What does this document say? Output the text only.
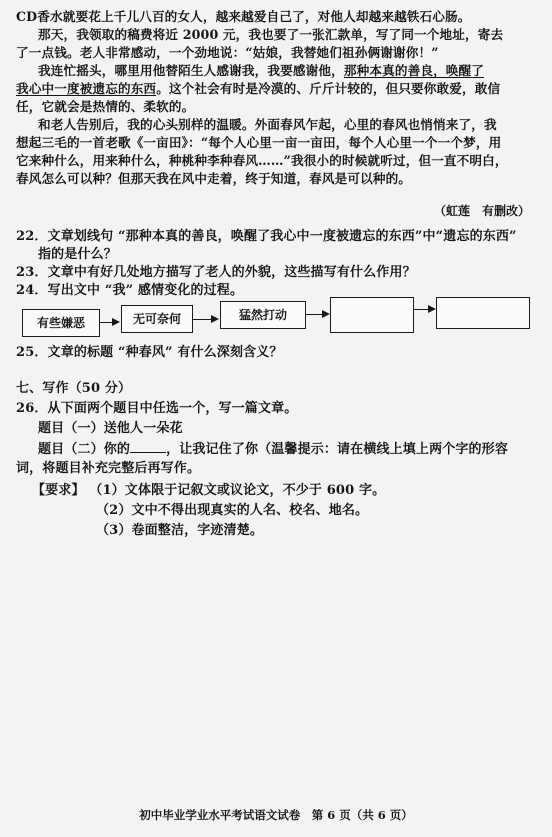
CD香水就要花上千儿八百的女人，越来越爱自己了，对他人却越来越铁石心肠。
那天，我领取的稿费将近 2000 元，我也要了一张汇款单，写了同一个地址，寄去
了一点钱。老人非常感动，一个劲地说：“姑娘，我替她们祖孙俩谢谢你！”
我连忙摇头，哪里用他替陌生人感谢我，我要感谢他，那种本真的善良，唤醒了
我心中一度被遗忘的东西。这个社会有时是冷漠的、斤斤计较的，但只要你敢爱，敢信
任，它就会是热情的、柔软的。
和老人告别后，我的心头别样的温暖。外面春风乍起，心里的春风也悄悄来了，我
想起三毛的一首老歌《一亩田》：“每个人心里一亩一亩田，每个人心里一个一个梦，用
它来种什么，用来种什么，种桃种李种春风……”我很小的时候就听过，但一直不明白，
春风怎么可以种？但那天我在风中走着，终于知道，春风是可以种的。
（虹莲　有删改）
22．文章划线句 “那种本真的善良，唤醒了我心中一度被遗忘的东西”中“遗忘的东西”
指的是什么？
23．文章中有好几处地方描写了老人的外貌，这些描写有什么作用？
24．写出文中 “我” 感情变化的过程。
有些嫌恶	无可奈何	猛然打动
25．文章的标题 “种春风” 有什么深刻含义？
七、写作（50 分）
26．从下面两个题目中任选一个，写一篇文章。
题目（一）送他人一朵花
题目（二）你的	，让我记住了你（温馨提示：请在横线上填上两个字的形容
词，将题目补充完整后再写作。
【要求】 （1）文体限于记叙文或议论文，不少于 600 字。
（2）文中不得出现真实的人名、校名、地名。
（3）卷面整洁，字迹清楚。
初中毕业学业水平考试语文试卷　第 6 页（共 6 页）
